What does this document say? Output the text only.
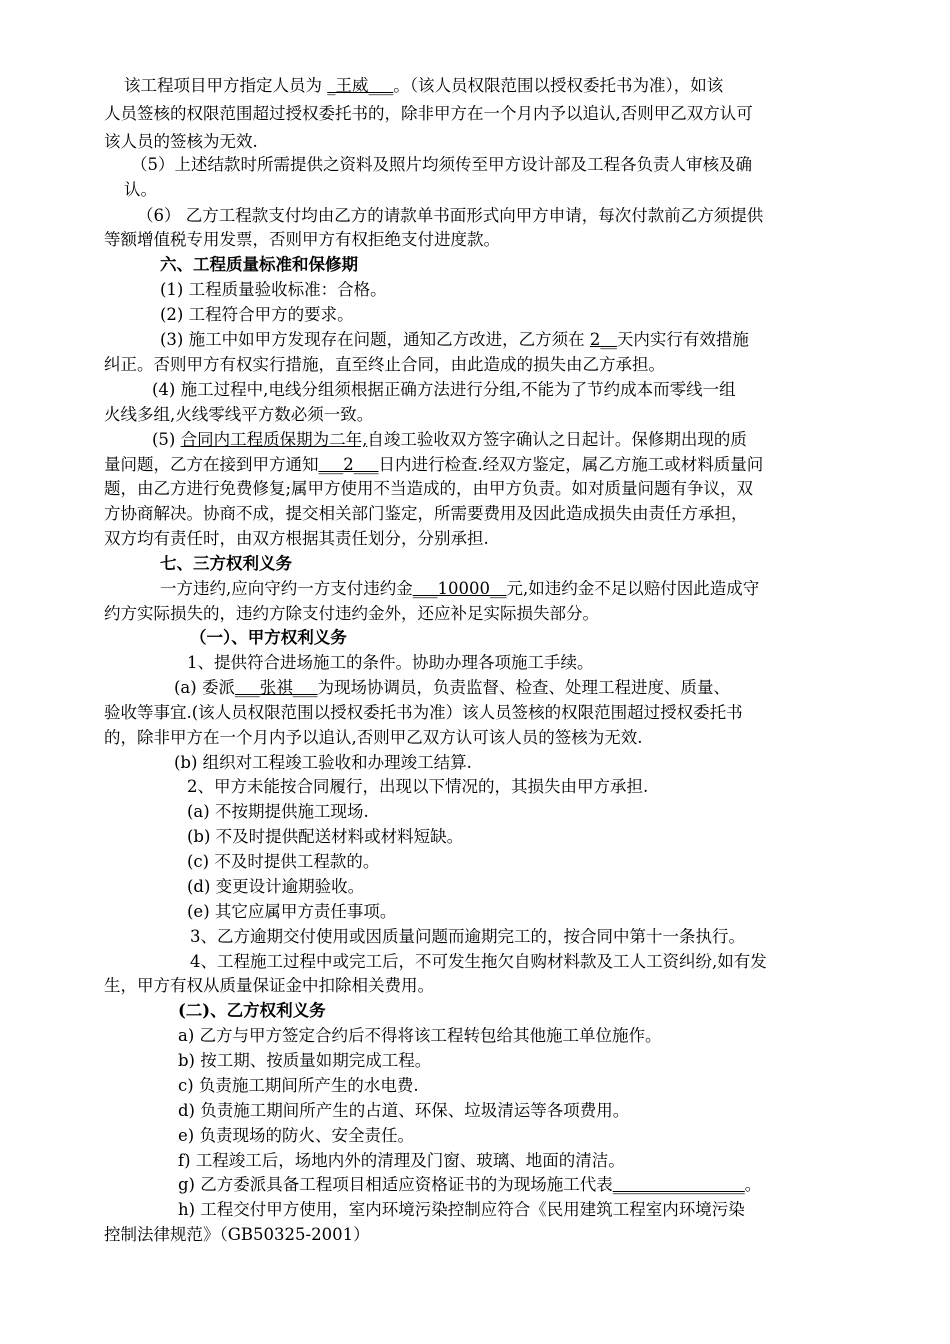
该工程项目甲方指定人员为 _王威___。（该人员权限范围以授权委托书为准），如该
人员签核的权限范围超过授权委托书的，除非甲方在一个月内予以追认,否则甲乙双方认可
该人员的签核为无效.
（5）上述结款时所需提供之资料及照片均须传至甲方设计部及工程各负责人审核及确
认。
（6） 乙方工程款支付均由乙方的请款单书面形式向甲方申请，每次付款前乙方须提供
等额增值税专用发票，否则甲方有权拒绝支付进度款。
六、工程质量标准和保修期
(1) 工程质量验收标准：合格。
(2) 工程符合甲方的要求。
(3) 施工中如甲方发现存在问题，通知乙方改进，乙方须在 2__天内实行有效措施
纠正。否则甲方有权实行措施，直至终止合同，由此造成的损失由乙方承担。
(4) 施工过程中,电线分组须根据正确方法进行分组,不能为了节约成本而零线一组
火线多组,火线零线平方数必须一致。
(5) 合同内工程质保期为二年,自竣工验收双方签字确认之日起计。保修期出现的质
量问题，乙方在接到甲方通知___2___日内进行检查.经双方鉴定，属乙方施工或材料质量问
题，由乙方进行免费修复;属甲方使用不当造成的，由甲方负责。如对质量问题有争议，双
方协商解决。协商不成，提交相关部门鉴定，所需要费用及因此造成损失由责任方承担，
双方均有责任时，由双方根据其责任划分，分别承担.
七、三方权利义务
一方违约,应向守约一方支付违约金___10000__元,如违约金不足以赔付因此造成守
约方实际损失的，违约方除支付违约金外，还应补足实际损失部分。
（一）、甲方权利义务
1、提供符合进场施工的条件。协助办理各项施工手续。
(a) 委派___张祺___为现场协调员，负责监督、检查、处理工程进度、质量、
验收等事宜.(该人员权限范围以授权委托书为准）该人员签核的权限范围超过授权委托书
的，除非甲方在一个月内予以追认,否则甲乙双方认可该人员的签核为无效.
(b) 组织对工程竣工验收和办理竣工结算.
2、甲方未能按合同履行，出现以下情况的，其损失由甲方承担.
(a) 不按期提供施工现场.
(b) 不及时提供配送材料或材料短缺。
(c) 不及时提供工程款的。
(d) 变更设计逾期验收。
(e) 其它应属甲方责任事项。
3、乙方逾期交付使用或因质量问题而逾期完工的，按合同中第十一条执行。
4、工程施工过程中或完工后，不可发生拖欠自购材料款及工人工资纠纷,如有发
生，甲方有权从质量保证金中扣除相关费用。
(二)、乙方权利义务
a) 乙方与甲方签定合约后不得将该工程转包给其他施工单位施作。
b) 按工期、按质量如期完成工程。
c) 负责施工期间所产生的水电费.
d) 负责施工期间所产生的占道、环保、垃圾清运等各项费用。
e) 负责现场的防火、安全责任。
f) 工程竣工后，场地内外的清理及门窗、玻璃、地面的清洁。
g) 乙方委派具备工程项目相适应资格证书的为现场施工代表________________。
h) 工程交付甲方使用，室内环境污染控制应符合《民用建筑工程室内环境污染
控制法律规范》（GB50325-2001）
